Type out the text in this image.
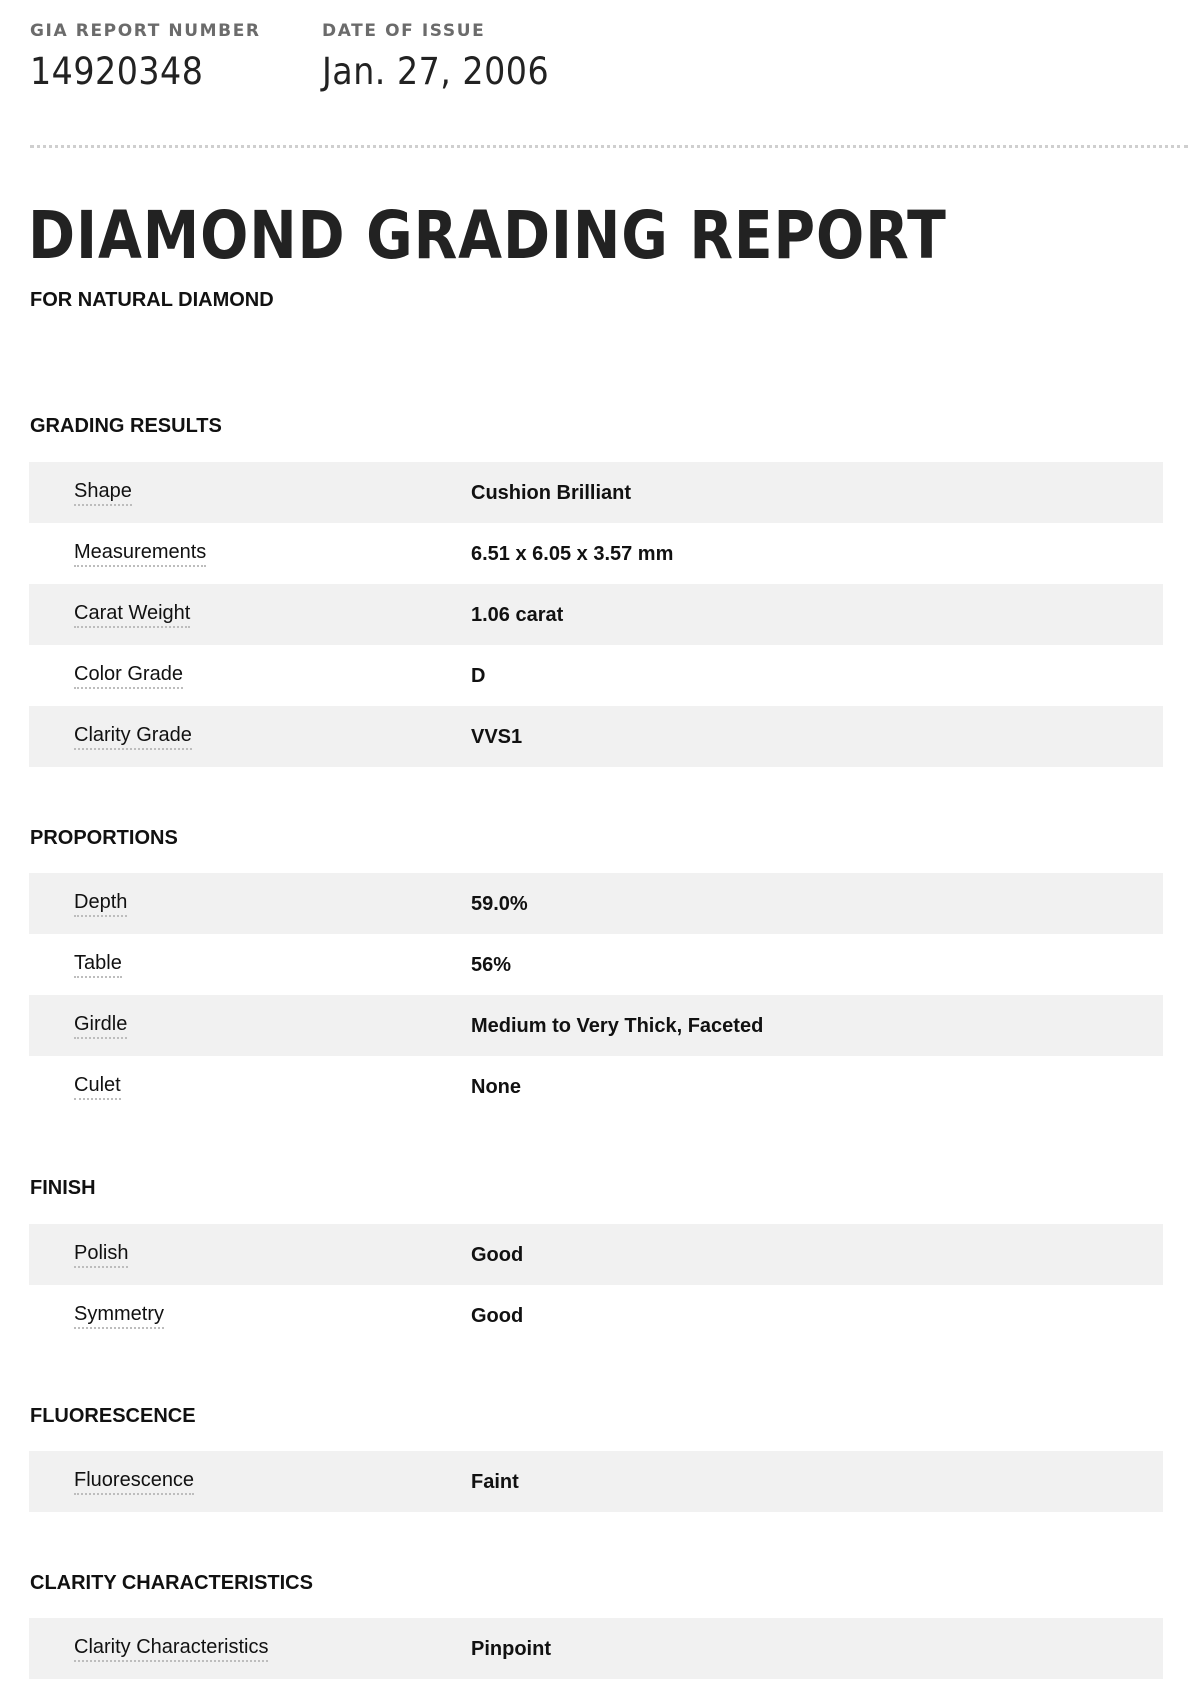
GIA REPORT NUMBER
14920348
DATE OF ISSUE
Jan. 27, 2006
DIAMOND GRADING REPORT
FOR NATURAL DIAMOND
GRADING RESULTS
Shape	Cushion Brilliant
Measurements	6.51 x 6.05 x 3.57 mm
Carat Weight	1.06 carat
Color Grade	D
Clarity Grade	VVS1
PROPORTIONS
Depth	59.0%
Table	56%
Girdle	Medium to Very Thick, Faceted
Culet	None
FINISH
Polish	Good
Symmetry	Good
FLUORESCENCE
Fluorescence	Faint
CLARITY CHARACTERISTICS
Clarity Characteristics	Pinpoint
